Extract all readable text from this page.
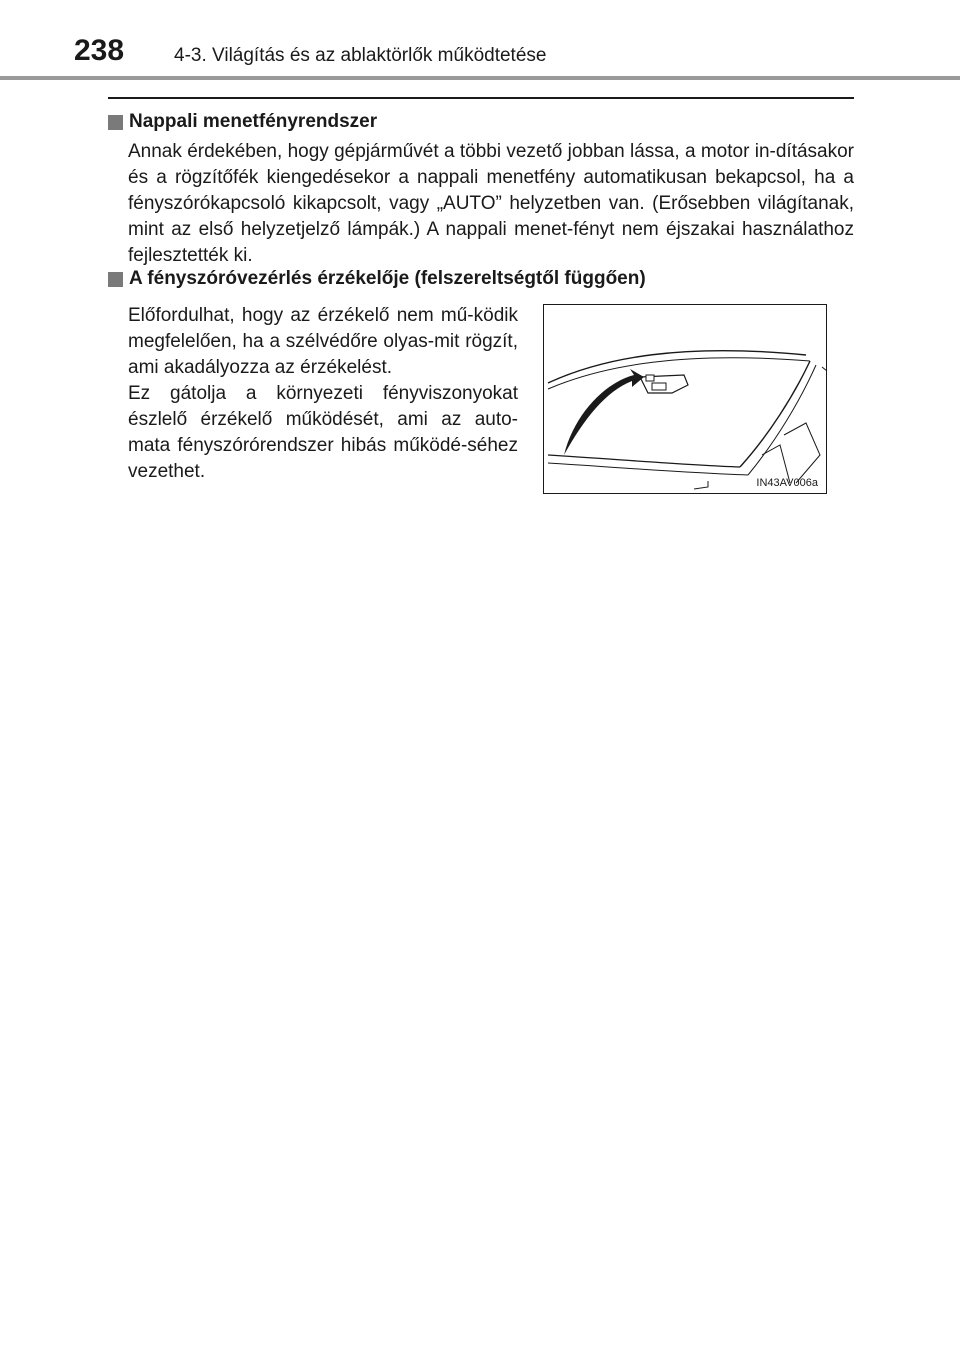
238	4-3. Világítás és az ablaktörlők működtetése
Nappali menetfényrendszer

Annak érdekében, hogy gépjárművét a többi vezető jobban lássa, a motor in-dításakor és a rögzítőfék kiengedésekor a nappali menetfény automatikusan bekapcsol, ha a fényszórókapcsoló kikapcsolt, vagy „AUTO” helyzetben van. (Erősebben világítanak, mint az első helyzetjelző lámpák.) A nappali menet-fényt nem éjszakai használathoz fejlesztették ki.

A fényszóróvezérlés érzékelője (felszereltségtől függően)

Előfordulhat, hogy az érzékelő nem mű-ködik megfelelően, ha a szélvédőre olyas-mit rögzít, ami akadályozza az érzékelést.

Ez gátolja a környezeti fényviszonyokat észlelő érzékelő működését, ami az auto-mata fényszórórendszer hibás működé-séhez vezethet.

IN43AV006a
